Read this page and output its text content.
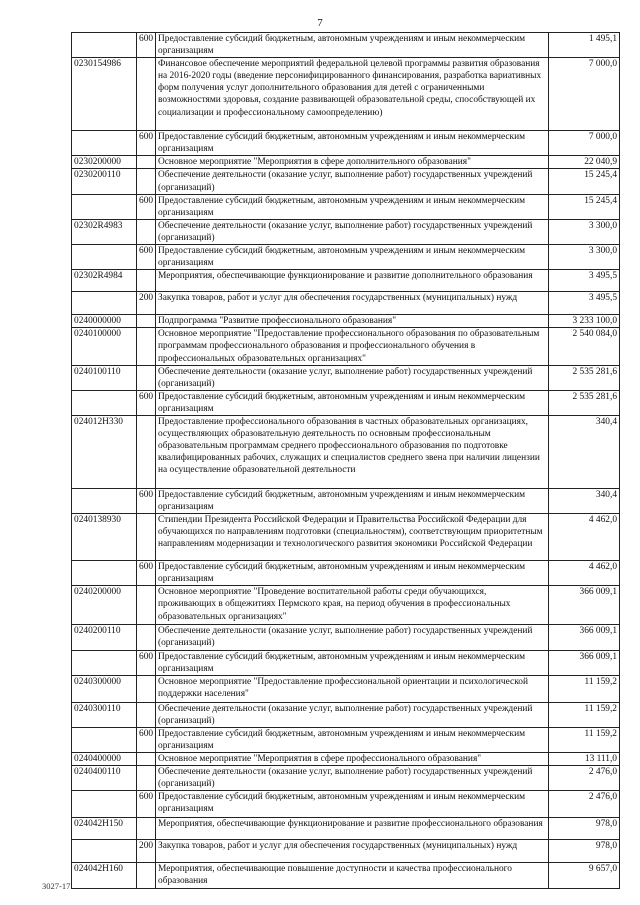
7
	600	Предоставление субсидий бюджетным, автономным учреждениям и иным некоммерческим организациям	1 495,1
0230154986		Финансовое обеспечение мероприятий федеральной целевой программы развития образования на 2016-2020 годы (введение персонифицированного финансирования, разработка вариативных форм получения услуг дополнительного образования для детей с ограниченными возможностями здоровья, создание развивающей образовательной среды, способствующей их социализации и профессиональному самоопределению)	7 000,0
	600	Предоставление субсидий бюджетным, автономным учреждениям и иным некоммерческим организациям	7 000,0
0230200000		Основное мероприятие "Мероприятия в сфере дополнительного образования"	22 040,9
0230200110		Обеспечение деятельности (оказание услуг, выполнение работ) государственных учреждений (организаций)	15 245,4
	600	Предоставление субсидий бюджетным, автономным учреждениям и иным некоммерческим организациям	15 245,4
02302R4983		Обеспечение деятельности (оказание услуг, выполнение работ) государственных учреждений (организаций)	3 300,0
	600	Предоставление субсидий бюджетным, автономным учреждениям и иным некоммерческим организациям	3 300,0
02302R4984		Мероприятия, обеспечивающие функционирование и развитие дополнительного образования	3 495,5
	200	Закупка товаров, работ и услуг для обеспечения государственных (муниципальных) нужд	3 495,5
0240000000		Подпрограмма "Развитие профессионального образования"	3 233 100,0
0240100000		Основное мероприятие "Предоставление профессионального образования по образовательным программам профессионального образования и профессионального обучения в профессиональных образовательных организациях"	2 540 084,0
0240100110		Обеспечение деятельности (оказание услуг, выполнение работ) государственных учреждений (организаций)	2 535 281,6
	600	Предоставление субсидий бюджетным, автономным учреждениям и иным некоммерческим организациям	2 535 281,6
024012Н330		Предоставление профессионального образования в частных образовательных организациях, осуществляющих образовательную деятельность по основным профессиональным образовательным программам среднего профессионального образования по подготовке квалифицированных рабочих, служащих и специалистов среднего звена при наличии лицензии на осуществление образовательной деятельности	340,4
	600	Предоставление субсидий бюджетным, автономным учреждениям и иным некоммерческим организациям	340,4
0240138930		Стипендии Президента Российской Федерации и Правительства Российской Федерации для обучающихся по направлениям подготовки (специальностям), соответствующим приоритетным направлениям модернизации и технологического развития экономики Российской Федерации	4 462,0
	600	Предоставление субсидий бюджетным, автономным учреждениям и иным некоммерческим организациям	4 462,0
0240200000		Основное мероприятие "Проведение воспитательной работы среди обучающихся, проживающих в общежитиях Пермского края, на период обучения в профессиональных образовательных организациях"	366 009,1
0240200110		Обеспечение деятельности (оказание услуг, выполнение работ) государственных учреждений (организаций)	366 009,1
	600	Предоставление субсидий бюджетным, автономным учреждениям и иным некоммерческим организациям	366 009,1
0240300000		Основное мероприятие "Предоставление профессиональной ориентации и психологической поддержки населения"	11 159,2
0240300110		Обеспечение деятельности (оказание услуг, выполнение работ) государственных учреждений (организаций)	11 159,2
	600	Предоставление субсидий бюджетным, автономным учреждениям и иным некоммерческим организациям	11 159,2
0240400000		Основное мероприятие "Мероприятия в сфере профессионального образования"	13 111,0
0240400110		Обеспечение деятельности (оказание услуг, выполнение работ) государственных учреждений (организаций)	2 476,0
	600	Предоставление субсидий бюджетным, автономным учреждениям и иным некоммерческим организациям	2 476,0
024042Н150		Мероприятия, обеспечивающие функционирование и развитие профессионального образования	978,0
	200	Закупка товаров, работ и услуг для обеспечения государственных (муниципальных) нужд	978,0
024042Н160		Мероприятия, обеспечивающие повышение доступности и качества профессионального образования	9 657,0
3027-17
